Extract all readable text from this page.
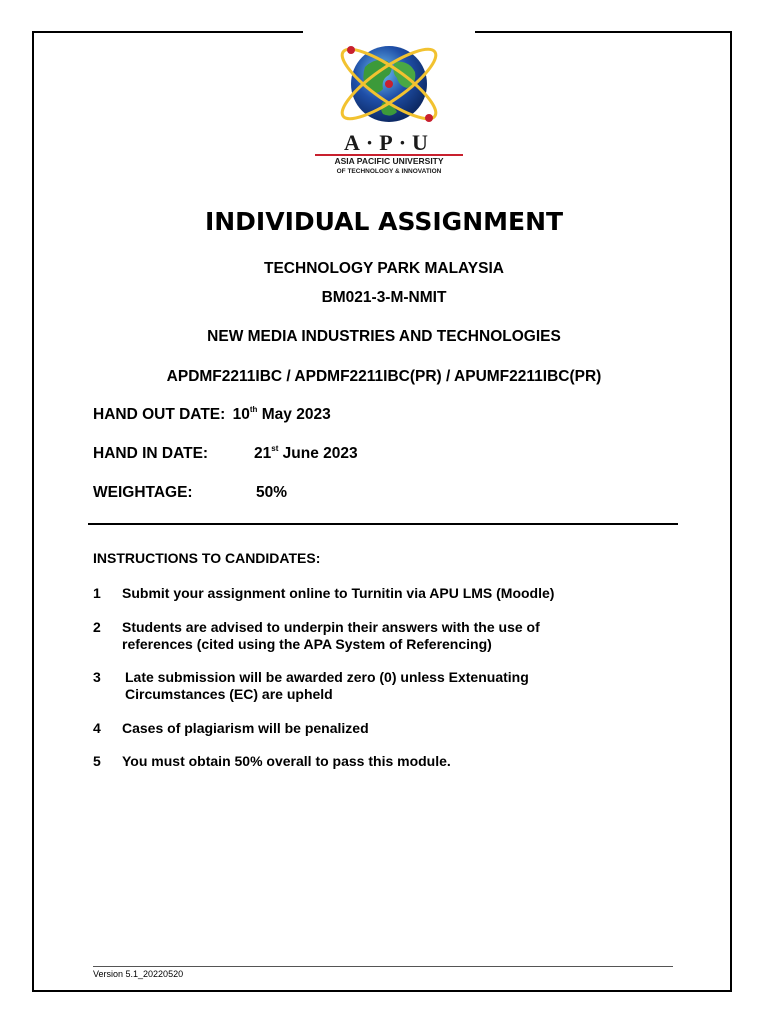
A·P·U
ASIA PACIFIC UNIVERSITY
OF TECHNOLOGY & INNOVATION
INDIVIDUAL ASSIGNMENT
TECHNOLOGY PARK MALAYSIA
BM021-3-M-NMIT
NEW MEDIA INDUSTRIES AND TECHNOLOGIES
APDMF2211IBC / APDMF2211IBC(PR) / APUMF2211IBC(PR)
HAND OUT DATE: 10th May 2023
HAND IN DATE:	21st June 2023
WEIGHTAGE:	50%
INSTRUCTIONS TO CANDIDATES:
1 Submit your assignment online to Turnitin via APU LMS (Moodle)
2 Students are advised to underpin their answers with the use of
references (cited using the APA System of Referencing)
3 Late submission will be awarded zero (0) unless Extenuating
Circumstances (EC) are upheld
4 Cases of plagiarism will be penalized
5 You must obtain 50% overall to pass this module.
Version 5.1_20220520
